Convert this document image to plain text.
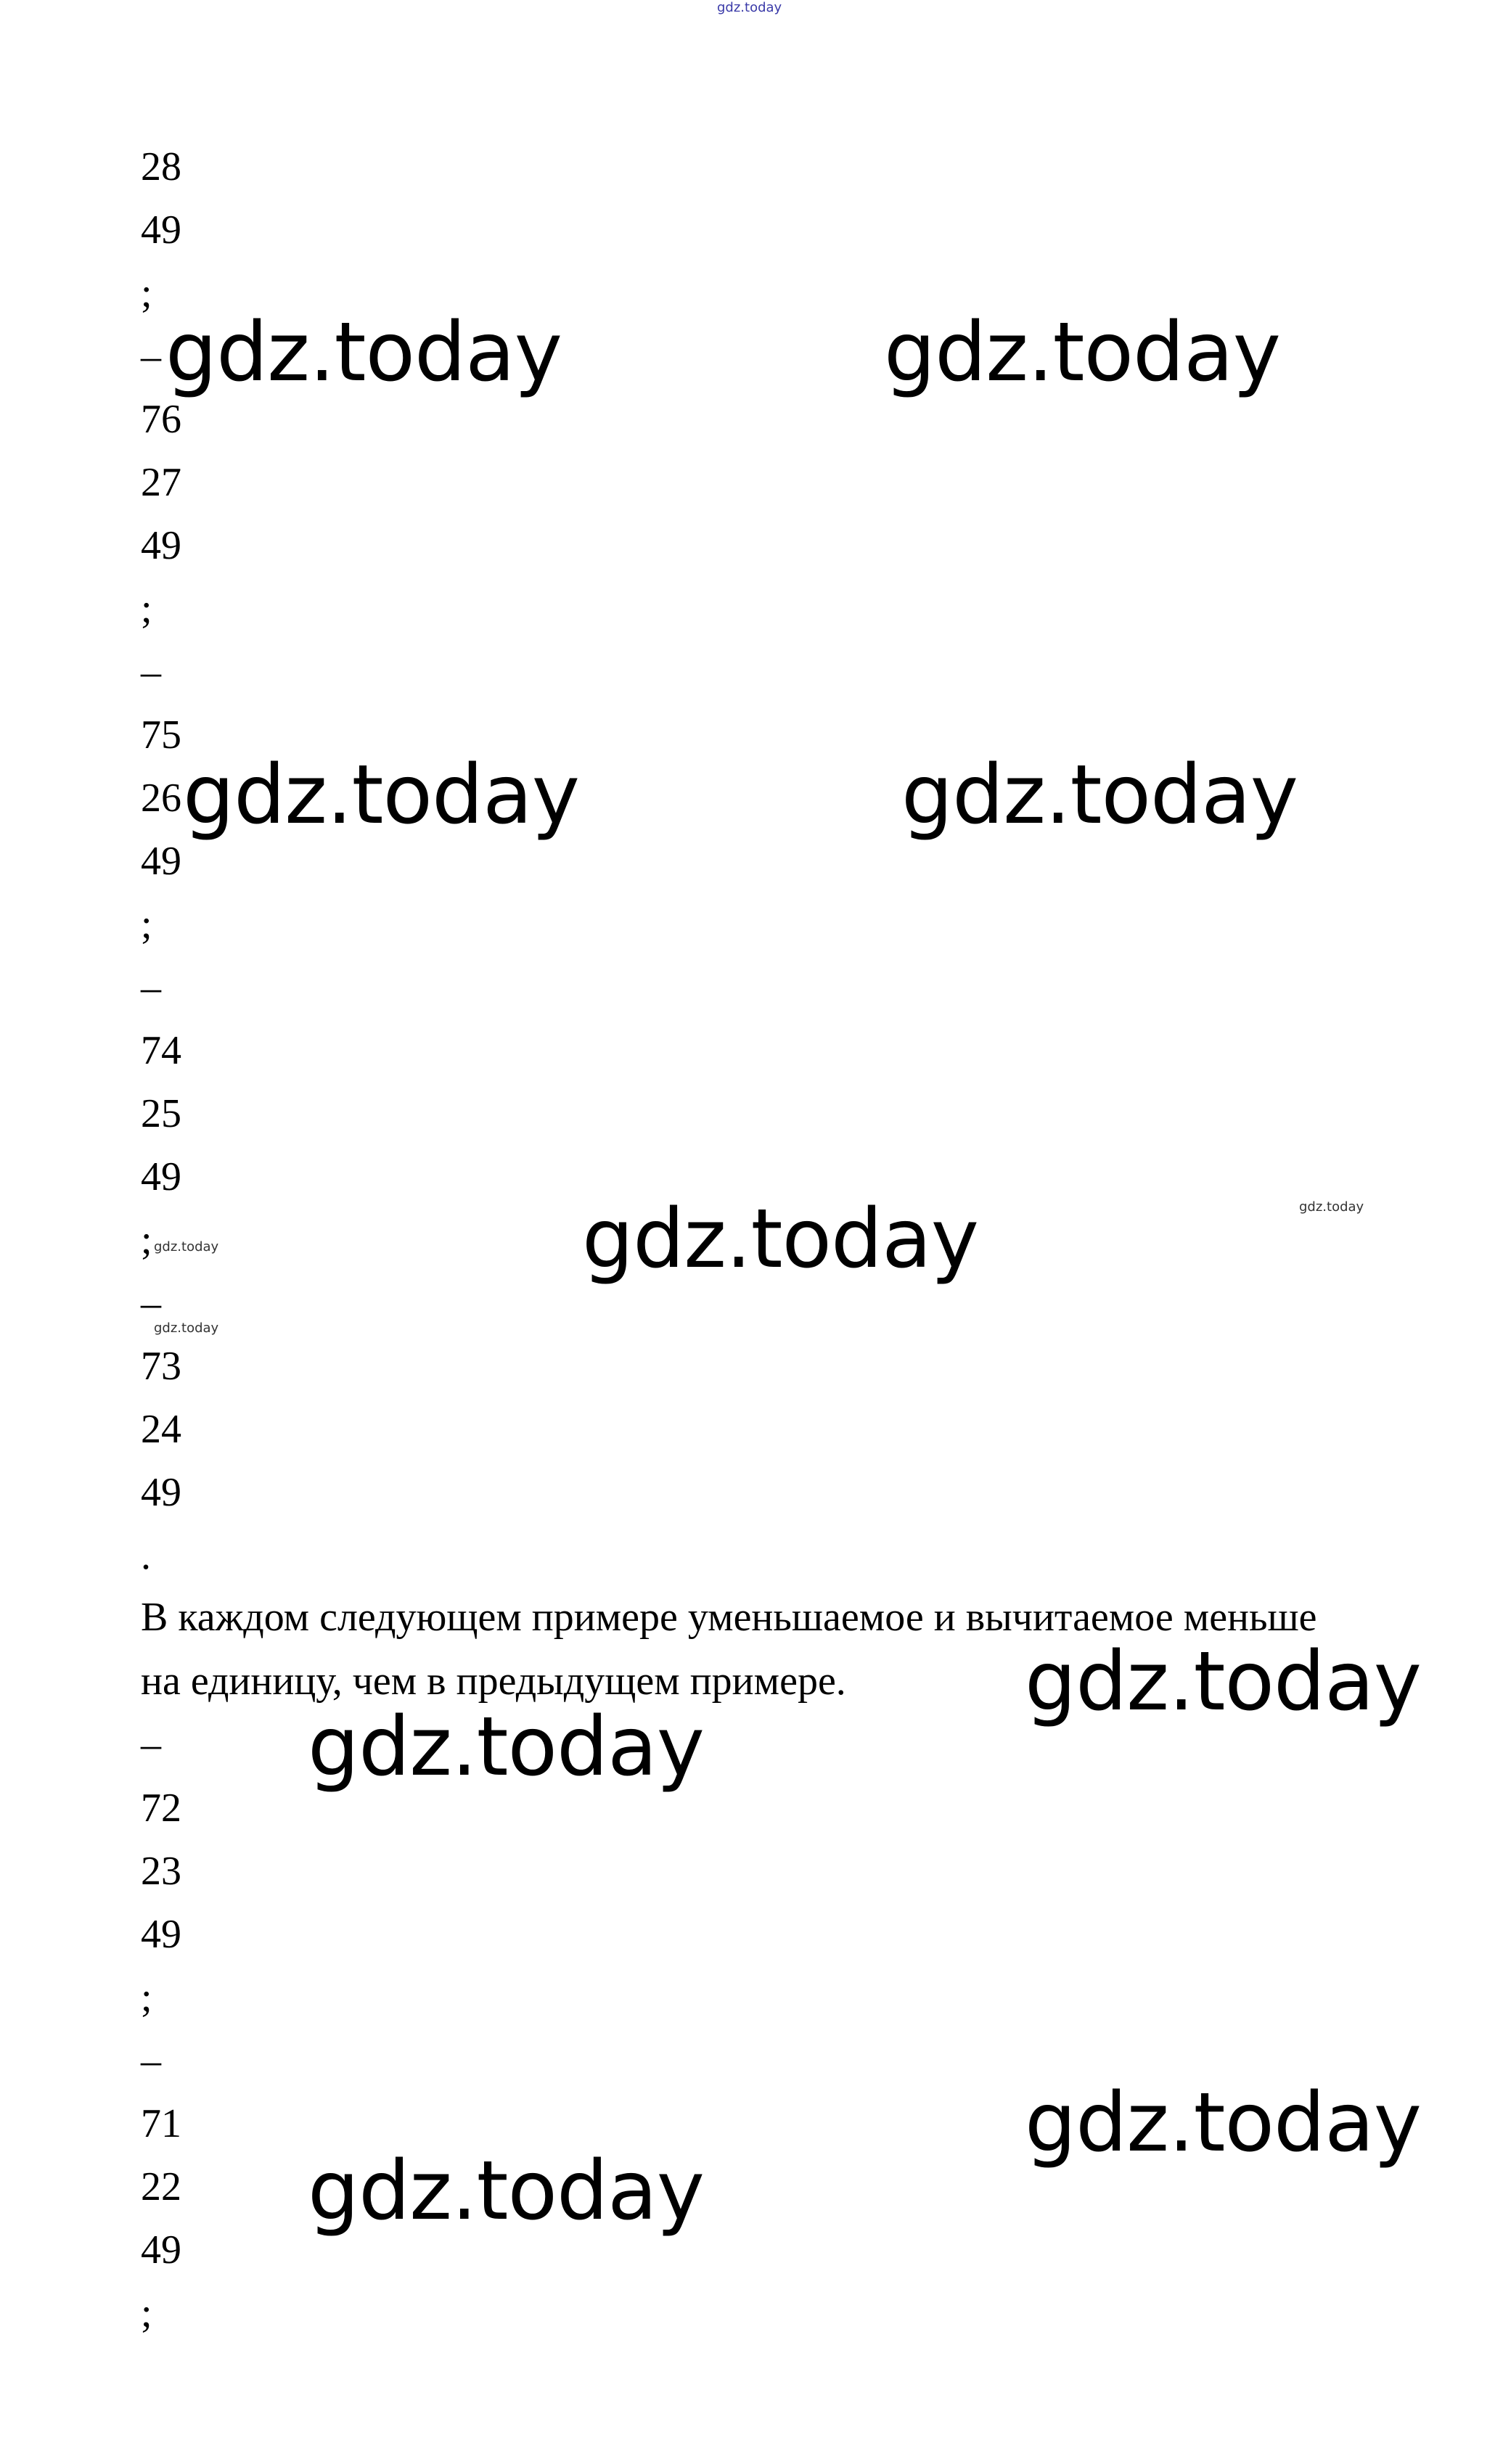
gdz.today
28
49
;
–
76
27
49
;
–
75
26
49
;
–
74
25
49
;
–
73
24
49
.
В каждом следующем примере уменьшаемое и вычитаемое меньше
на единицу, чем в предыдущем примере.
–
72
23
49
;
–
71
22
49
;
gdz.today	gdz.today
gdz.today	gdz.today
gdz.today
gdz.today
gdz.today
gdz.today
gdz.today
gdz.today
gdz.today
gdz.today
